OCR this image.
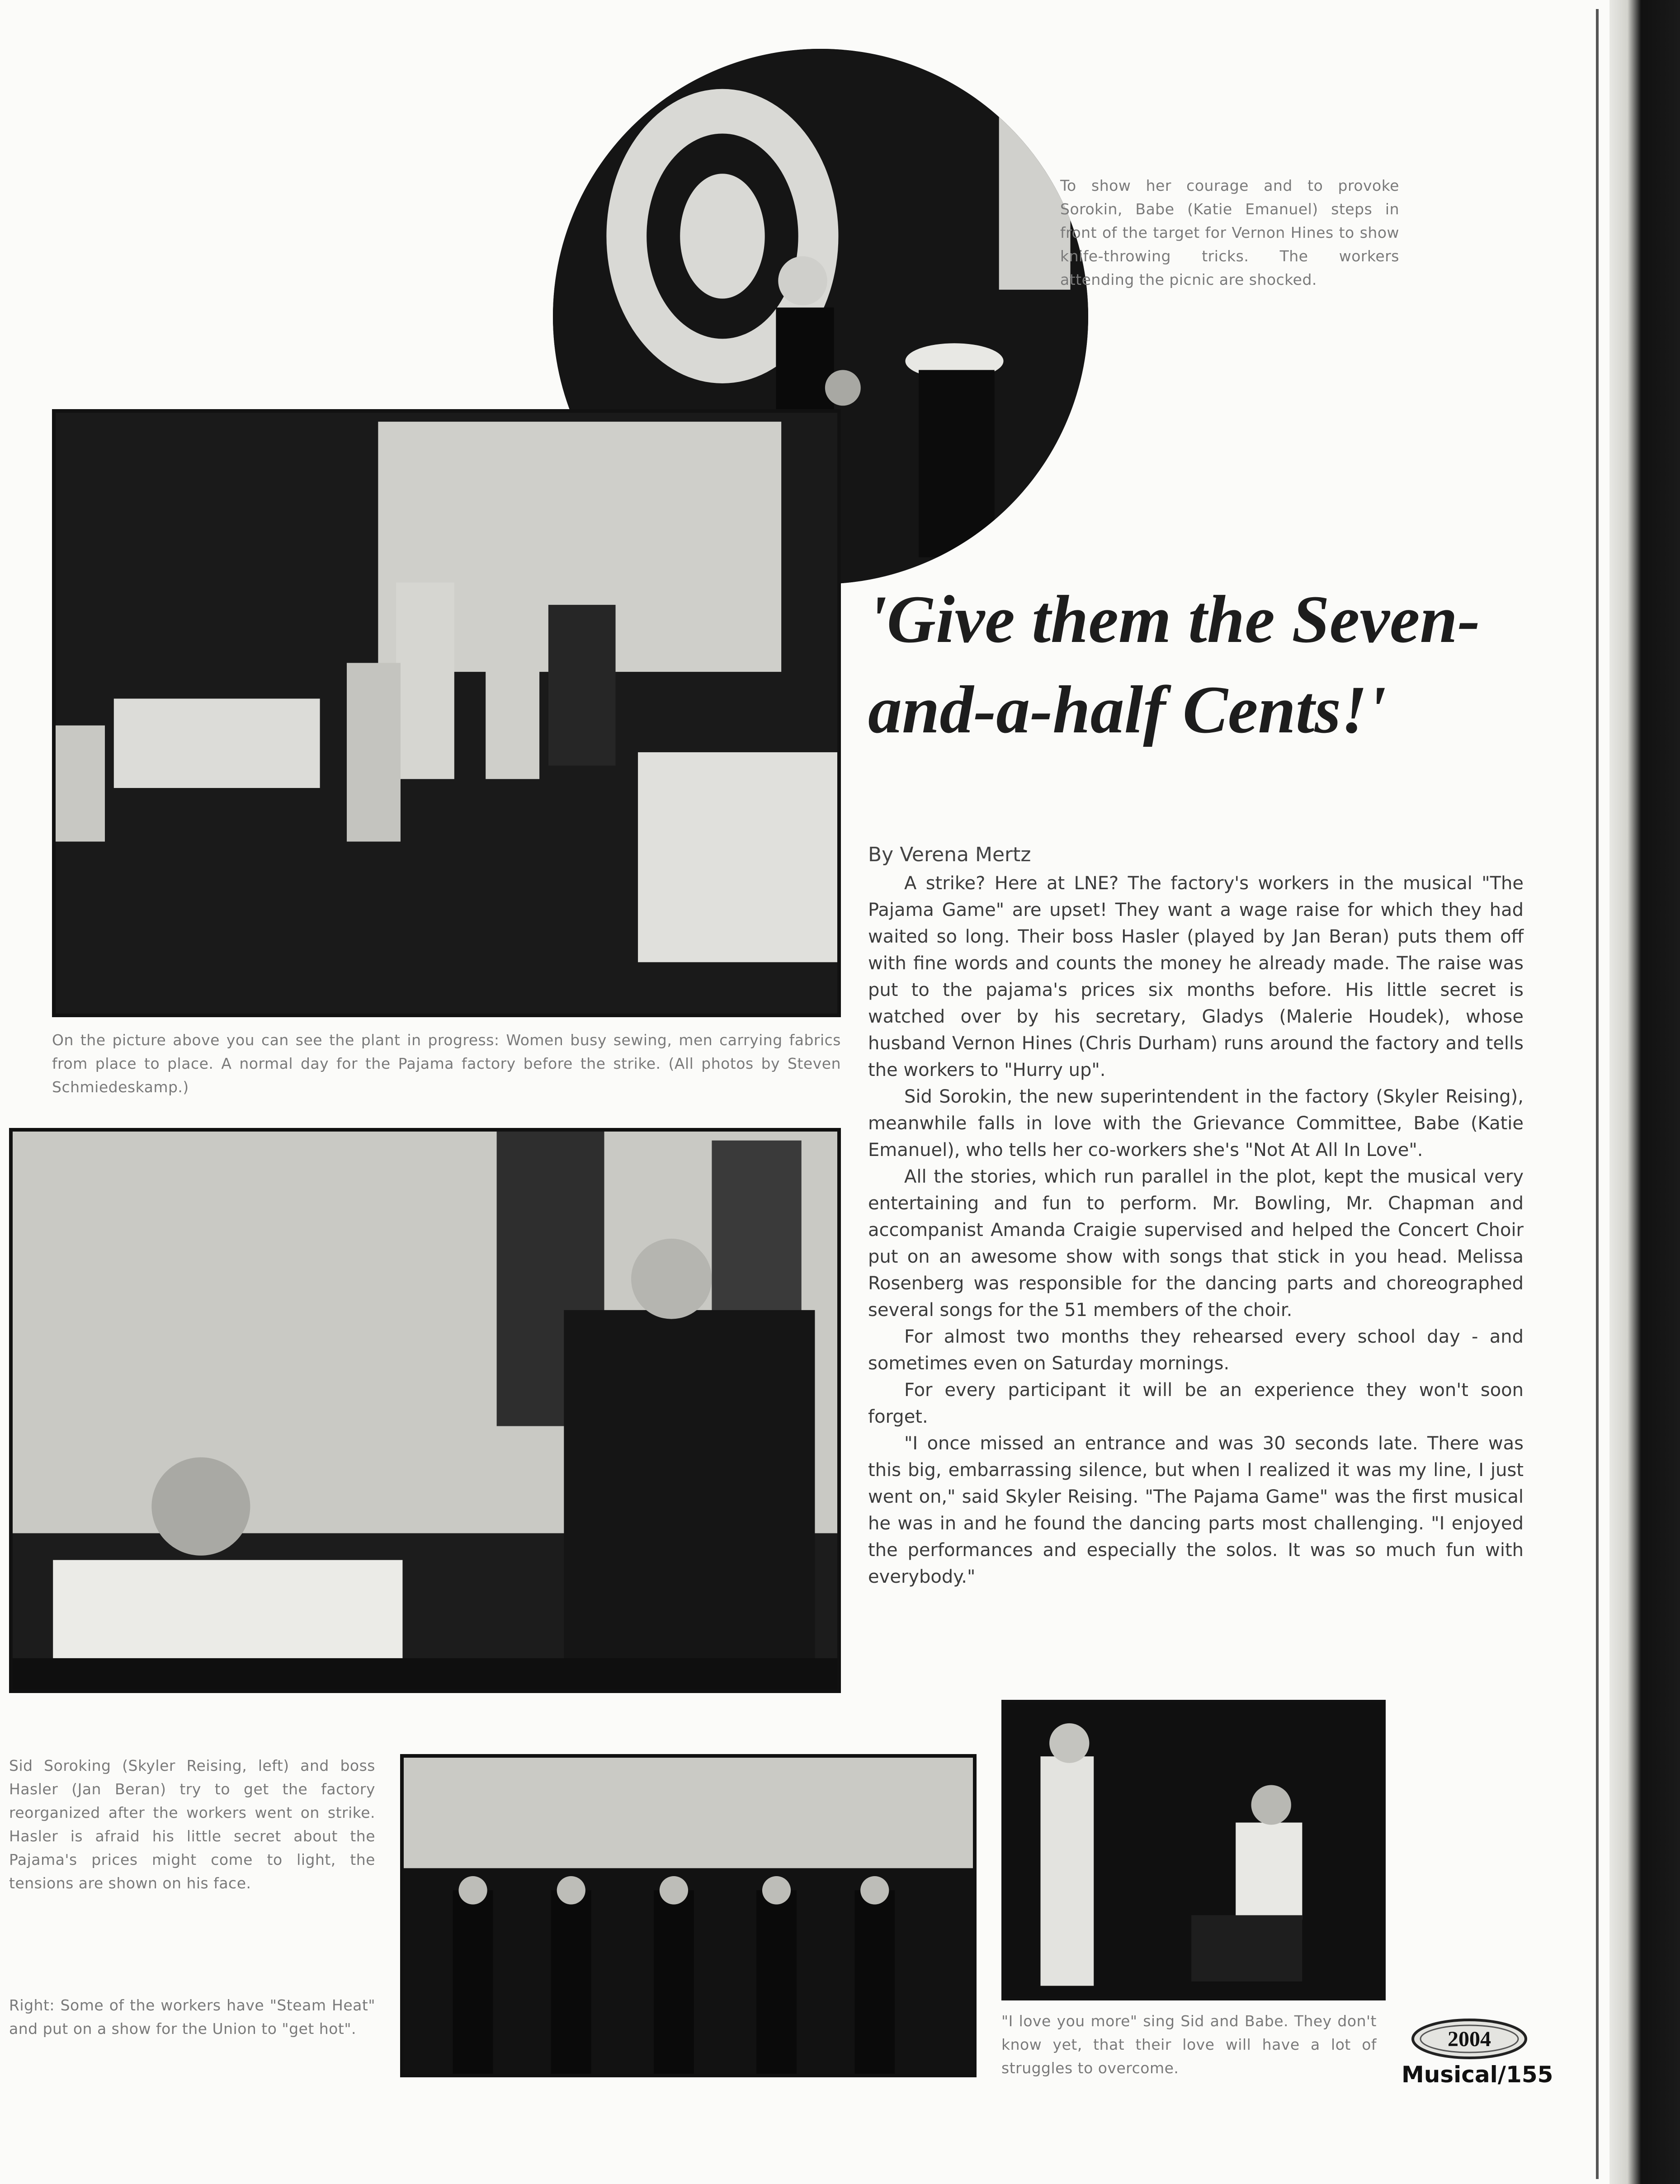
To show her courage and to provoke Sorokin, Babe (Katie Emanuel) steps in front of the target for Vernon Hines to show knife-throwing tricks. The workers attending the picnic are shocked.
On the picture above you can see the plant in progress: Women busy sewing, men carrying fabrics from place to place. A normal day for the Pajama factory before the strike. (All photos by Steven Schmiedeskamp.)
Sid Soroking (Skyler Reising, left) and boss Hasler (Jan Beran) try to get the factory reorganized after the workers went on strike. Hasler is afraid his little secret about the Pajama's prices might come to light, the tensions are shown on his face.
Right: Some of the workers have "Steam Heat" and put on a show for the Union to "get hot".	"I love you more" sing Sid and Babe. They don't know yet, that their love will have a lot of struggles to overcome.
'Give them the Seven-and-a-half Cents!'
By Verena Mertz

A strike? Here at LNE? The factory's workers in the musical "The Pajama Game" are upset! They want a wage raise for which they had waited so long. Their boss Hasler (played by Jan Beran) puts them off with fine words and counts the money he already made. The raise was put to the pajama's prices six months before. His little secret is watched over by his secretary, Gladys (Malerie Houdek), whose husband Vernon Hines (Chris Durham) runs around the factory and tells the workers to "Hurry up".

Sid Sorokin, the new superintendent in the factory (Skyler Reising), meanwhile falls in love with the Grievance Committee, Babe (Katie Emanuel), who tells her co-workers she's "Not At All In Love".

All the stories, which run parallel in the plot, kept the musical very entertaining and fun to perform. Mr. Bowling, Mr. Chapman and accompanist Amanda Craigie supervised and helped the Concert Choir put on an awesome show with songs that stick in you head. Melissa Rosenberg was responsible for the dancing parts and choreographed several songs for the 51 members of the choir.

For almost two months they rehearsed every school day - and sometimes even on Saturday mornings.

For every participant it will be an experience they won't soon forget.

"I once missed an entrance and was 30 seconds late. There was this big, embarrassing silence, but when I realized it was my line, I just went on," said Skyler Reising. "The Pajama Game" was the first musical he was in and he found the dancing parts most challenging. "I enjoyed the performances and especially the solos. It was so much fun with everybody."

2004
Musical/155
